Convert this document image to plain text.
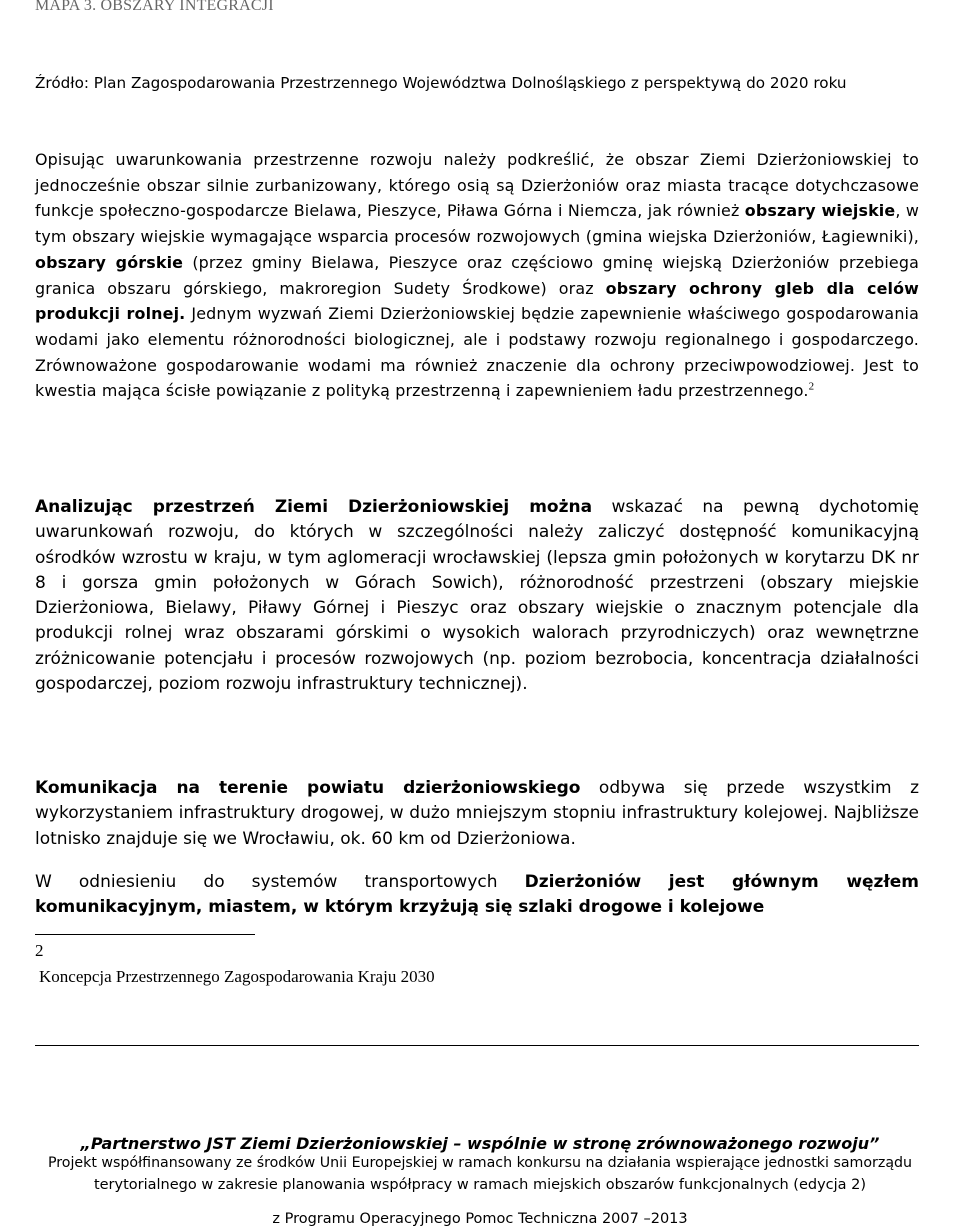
MAPA 3. OBSZARY INTEGRACJI
Źródło: Plan Zagospodarowania Przestrzennego Województwa Dolnośląskiego z perspektywą do 2020 roku
Opisując uwarunkowania przestrzenne rozwoju należy podkreślić, że obszar Ziemi Dzierżoniowskiej to jednocześnie obszar silnie zurbanizowany, którego osią są Dzierżoniów oraz miasta tracące dotychczasowe funkcje społeczno-gospodarcze Bielawa, Pieszyce, Piława Górna i Niemcza, jak również obszary wiejskie, w tym obszary wiejskie wymagające wsparcia procesów rozwojowych (gmina wiejska Dzierżoniów, Łagiewniki), obszary górskie (przez gminy Bielawa, Pieszyce oraz częściowo gminę wiejską Dzierżoniów przebiega granica obszaru górskiego, makroregion Sudety Środkowe) oraz obszary ochrony gleb dla celów produkcji rolnej. Jednym wyzwań Ziemi Dzierżoniowskiej będzie zapewnienie właściwego gospodarowania wodami jako elementu różnorodności biologicznej, ale i podstawy rozwoju regionalnego i gospodarczego. Zrównoważone gospodarowanie wodami ma również znaczenie dla ochrony przeciwpowodziowej. Jest to kwestia mająca ścisłe powiązanie z polityką przestrzenną i zapewnieniem ładu przestrzennego.$^2$
Analizując przestrzeń Ziemi Dzierżoniowskiej można wskazać na pewną dychotomię uwarunkowań rozwoju, do których w szczególności należy zaliczyć dostępność komunikacyjną ośrodków wzrostu w kraju, w tym aglomeracji wrocławskiej (lepsza gmin położonych w korytarzu DK nr 8 i gorsza gmin położonych w Górach Sowich), różnorodność przestrzeni (obszary miejskie Dzierżoniowa, Bielawy, Piławy Górnej i Pieszyc oraz obszary wiejskie o znacznym potencjale dla produkcji rolnej wraz obszarami górskimi o wysokich walorach przyrodniczych) oraz wewnętrzne zróżnicowanie potencjału i procesów rozwojowych (np. poziom bezrobocia, koncentracja działalności gospodarczej, poziom rozwoju infrastruktury technicznej).
Komunikacja na terenie powiatu dzierżoniowskiego odbywa się przede wszystkim z wykorzystaniem infrastruktury drogowej, w dużo mniejszym stopniu infrastruktury kolejowej. Najbliższe lotnisko znajduje się we Wrocławiu, ok. 60 km od Dzierżoniowa.
W odniesieniu do systemów transportowych Dzierżoniów jest głównym węzłem komunikacyjnym, miastem, w którym krzyżują się szlaki drogowe i kolejowe
2
Koncepcja Przestrzennego Zagospodarowania Kraju 2030
„Partnerstwo JST Ziemi Dzierżoniowskiej – wspólnie w stronę zrównoważonego rozwoju”
Projekt współfinansowany ze środków Unii Europejskiej w ramach konkursu na działania wspierające jednostki samorządu
terytorialnego w zakresie planowania współpracy w ramach miejskich obszarów funkcjonalnych (edycja 2)
z Programu Operacyjnego Pomoc Techniczna 2007 –2013
